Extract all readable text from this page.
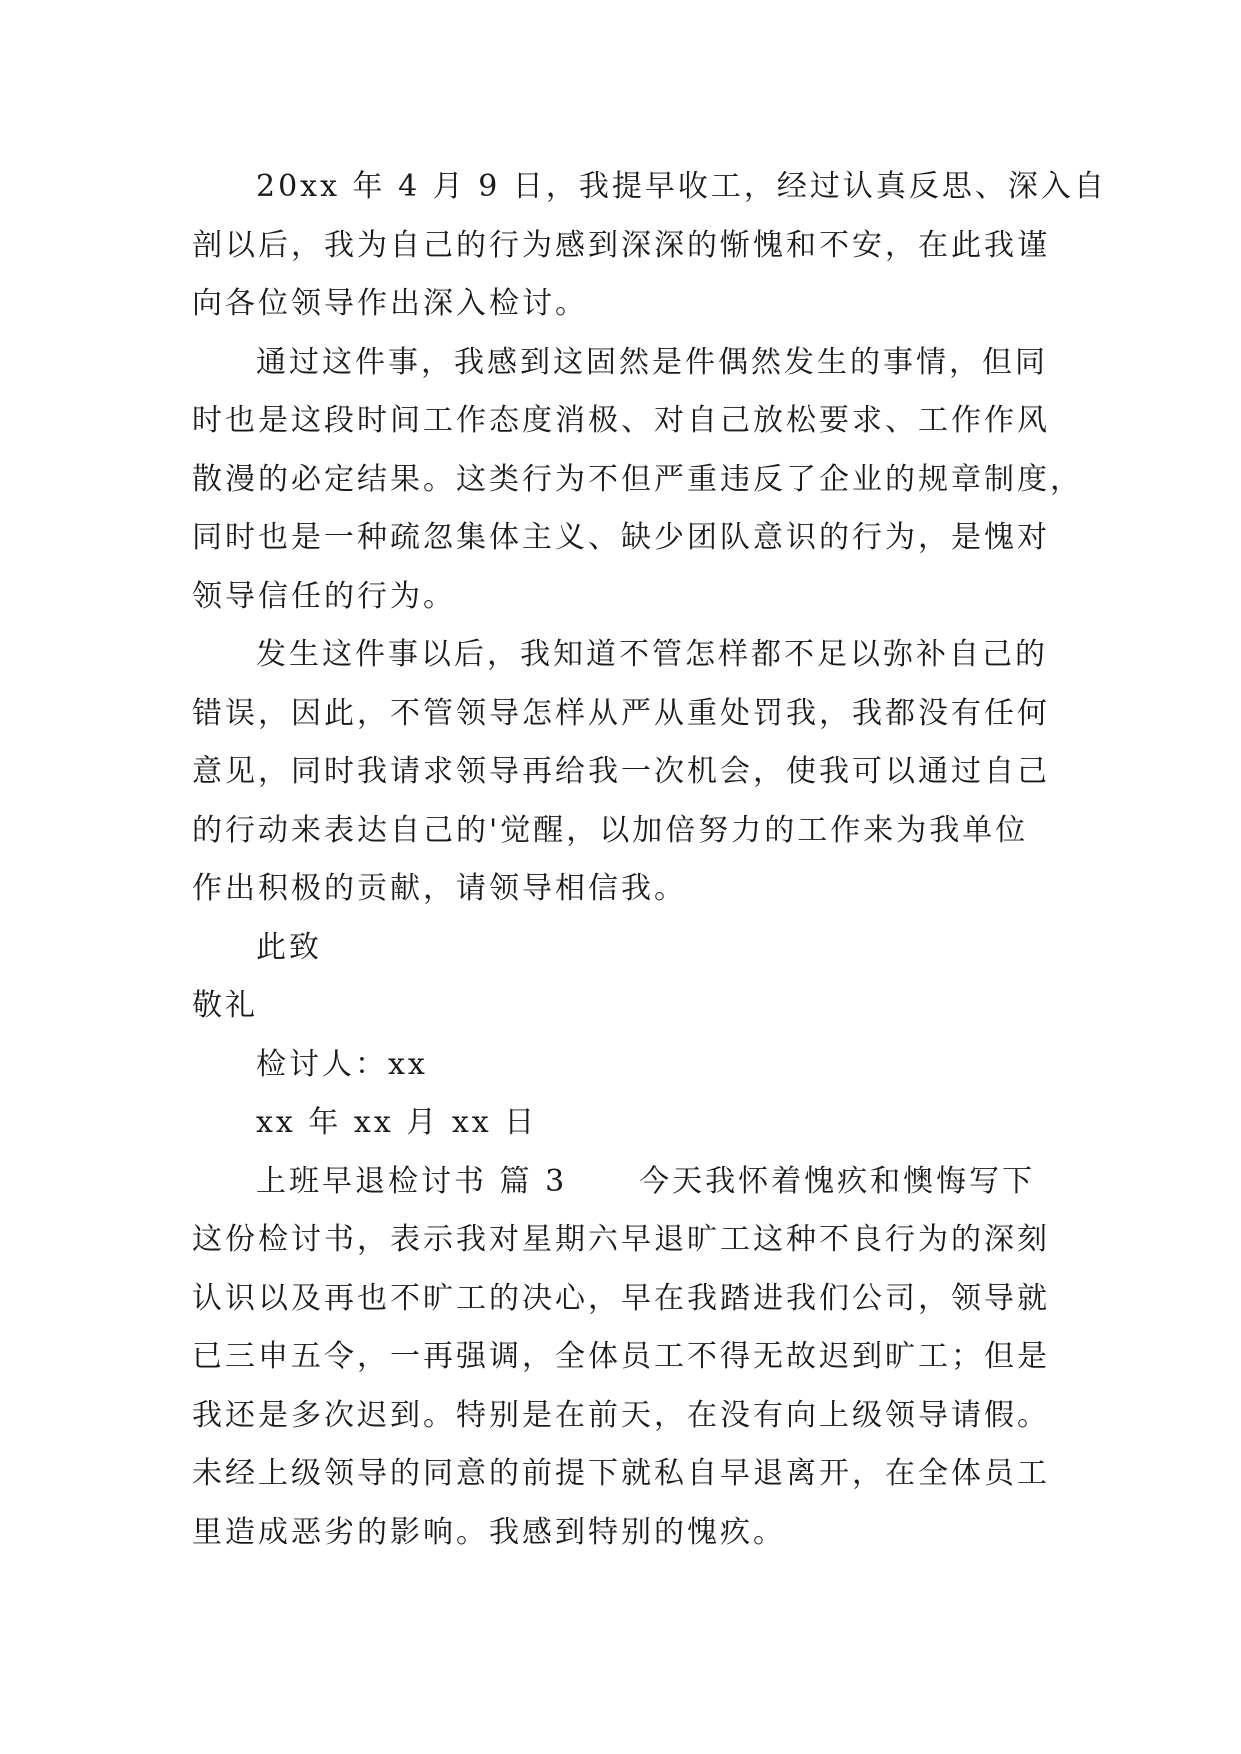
20xx 年 4 月 9 日，我提早收工，经过认真反思、深入自
剖以后，我为自己的行为感到深深的惭愧和不安，在此我谨
向各位领导作出深入检讨。
通过这件事，我感到这固然是件偶然发生的事情，但同
时也是这段时间工作态度消极、对自己放松要求、工作作风
散漫的必定结果。这类行为不但严重违反了企业的规章制度，
同时也是一种疏忽集体主义、缺少团队意识的行为，是愧对
领导信任的行为。
发生这件事以后，我知道不管怎样都不足以弥补自己的
错误，因此，不管领导怎样从严从重处罚我，我都没有任何
意见，同时我请求领导再给我一次机会，使我可以通过自己
的行动来表达自己的'觉醒，以加倍努力的工作来为我单位
作出积极的贡献，请领导相信我。
此致
敬礼
检讨人：xx
xx 年 xx 月 xx 日
上班早退检讨书 篇 3 今天我怀着愧疚和懊悔写下
这份检讨书，表示我对星期六早退旷工这种不良行为的深刻
认识以及再也不旷工的决心，早在我踏进我们公司，领导就
已三申五令，一再强调，全体员工不得无故迟到旷工；但是
我还是多次迟到。特别是在前天，在没有向上级领导请假。
未经上级领导的同意的前提下就私自早退离开，在全体员工
里造成恶劣的影响。我感到特别的愧疚。
